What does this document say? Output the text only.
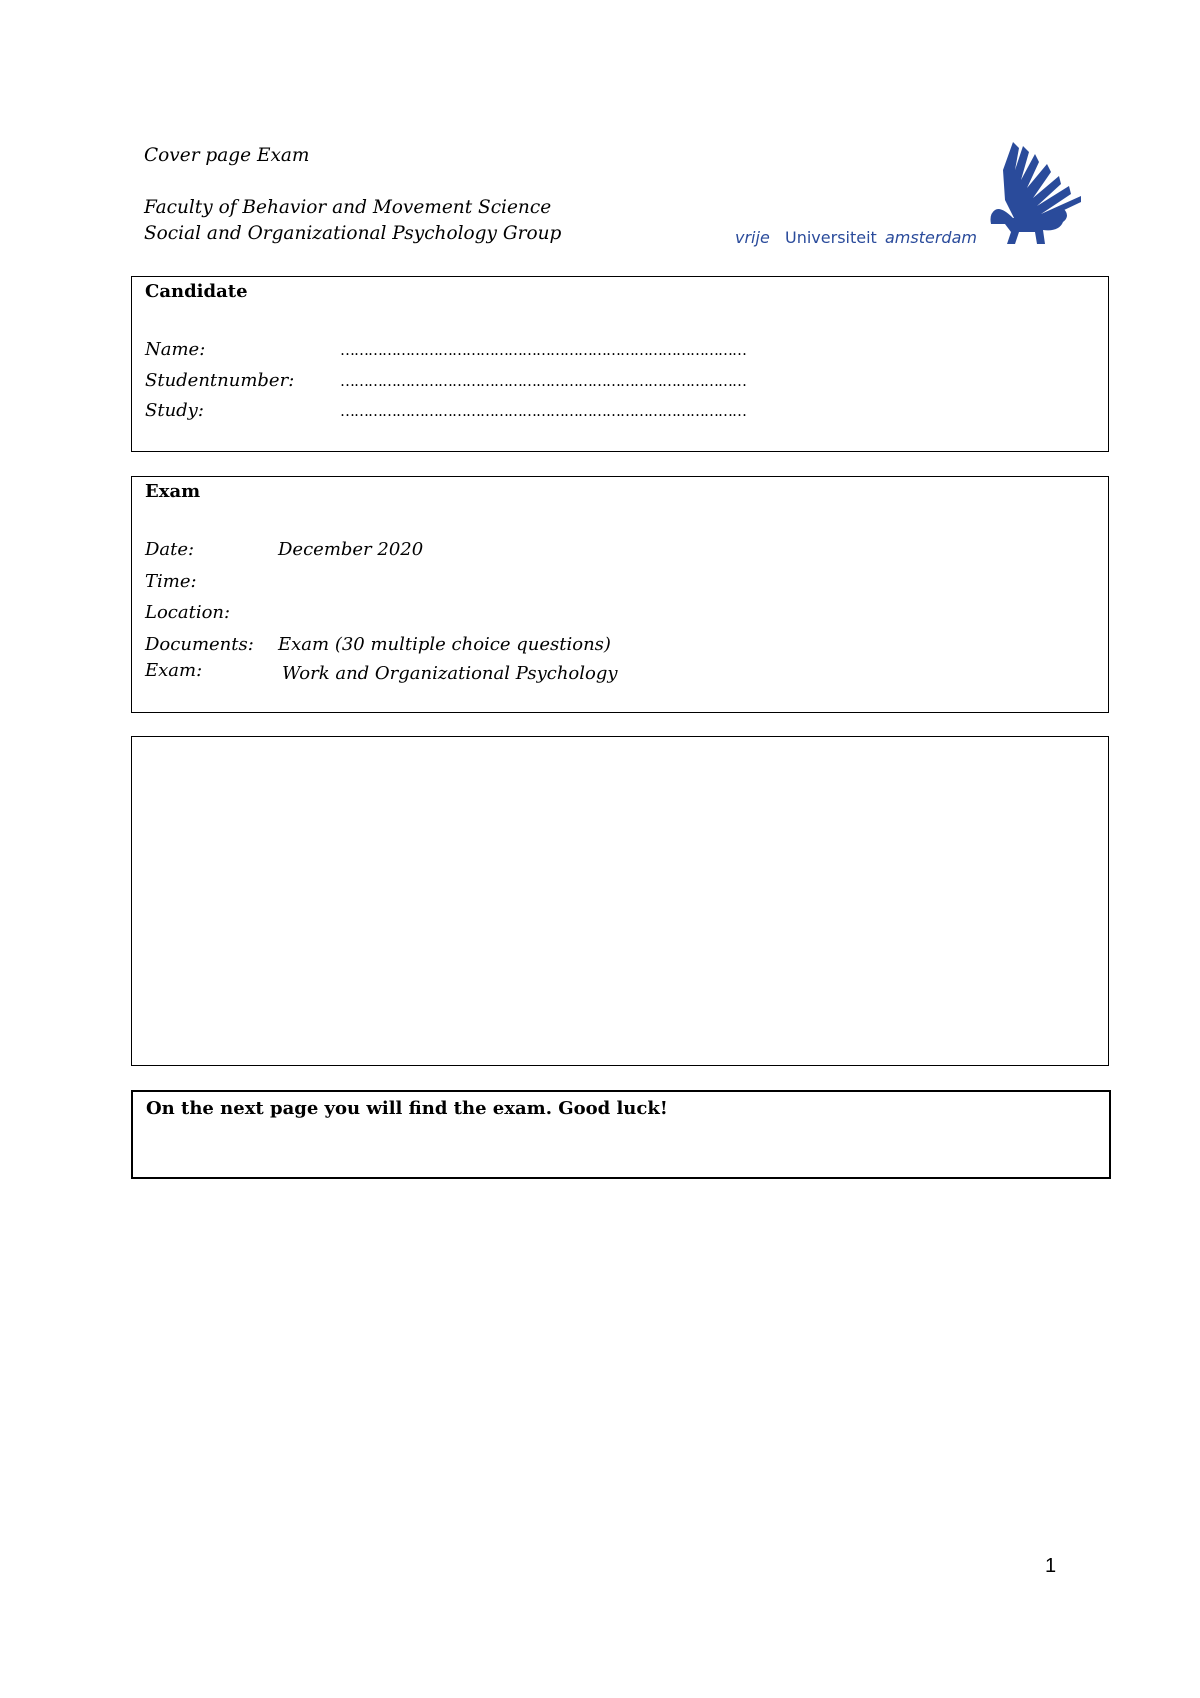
Cover page Exam
Faculty of Behavior and Movement Science
Social and Organizational Psychology Group	vrije Universiteit amsterdam
Candidate
Name:	……………………………………………………………………………
Studentnumber:	……………………………………………………………………………
Study:	……………………………………………………………………………
Exam
Date:	December 2020
Time:
Location:
Documents: Exam (30 multiple choice questions)
Exam:	Work and Organizational Psychology
On the next page you will find the exam. Good luck!
1
